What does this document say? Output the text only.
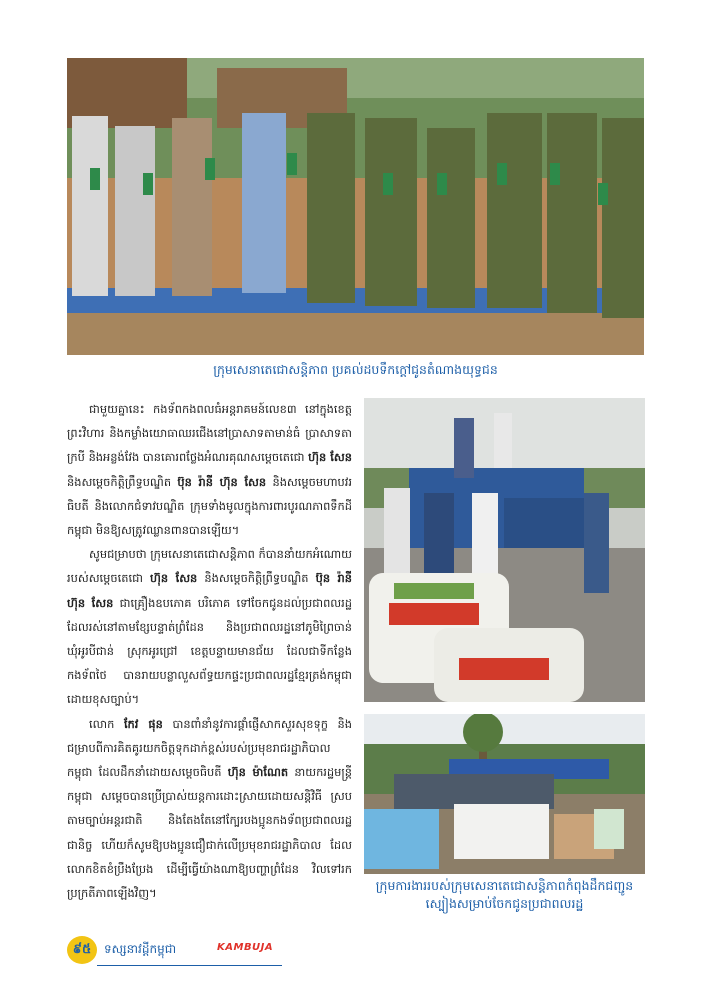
ក្រុមសេនាតេជោសន្តិភាព ប្រគល់ដបទឹកក្តៅជូនតំណាងយុទ្ធជន

ជាមួយគ្នានេះ កងទ័ពកងពលធំអន្តរាគមន៍លេខ៣ នៅក្នុងខេត្តព្រះវិហារ និងកម្លាំងយោធាឈរជើងនៅប្រាសាទតាមាន់ធំ ប្រាសាទតាក្របី និងអន្លង់វែង បានគោរពថ្លែងអំណរគុណសម្តេចតេជោ ហ៊ុន សែន និងសម្តេចកិត្តិព្រឹទ្ធបណ្ឌិត ប៊ុន រ៉ានី ហ៊ុន សែន និងសម្តេចមហាបវរធិបតី និងលោកជំទាវបណ្ឌិត ក្រុមទាំងមូលក្នុងការពារបូរណភាពទឹកដីកម្ពុជា មិនឱ្យសត្រូវឈ្លានពានបានឡើយ។

សូមជម្រាបថា ក្រុមសេនាតេជោសន្តិភាព ក៏បាននាំយកអំណោយរបស់សម្តេចតេជោ ហ៊ុន សែន និងសម្តេចកិត្តិព្រឹទ្ធបណ្ឌិត ប៊ុន រ៉ានី ហ៊ុន សែន ជាគ្រឿងឧបភោគ បរិភោគ ទៅចែកជូនដល់ប្រជាពលរដ្ឋ ដែលរស់នៅតាមខ្សែបន្ទាត់ព្រំដែន និងប្រជាពលរដ្ឋនៅភូមិព្រៃចាន់ ឃុំអូរបីជាន់ ស្រុកអូរជ្រៅ ខេត្តបន្ទាយមានជ័យ ដែលជាទីកន្លែងកងទ័ពថៃ បានរាយបន្លាលួសព័ទ្ធយកផ្ទះប្រជាពលរដ្ឋខ្មែរត្រង់កម្ពុជា ដោយខុសច្បាប់។

លោក កែវ ផុន បានពាំនាំនូវការផ្តាំផ្ញើសាកសួរសុខទុក្ខ និងជម្រាបពីការគិតគូរយកចិត្តទុកដាក់ខ្ពស់របស់ប្រមុខរាជរដ្ឋាភិបាលកម្ពុជា ដែលដឹកនាំដោយសម្តេចធិបតី ហ៊ុន ម៉ាណែត នាយករដ្ឋមន្ត្រីកម្ពុជា សម្តេចបានប្រើប្រាស់យន្តការដោះស្រាយដោយសន្តិវិធី ស្របតាមច្បាប់អន្តរជាតិ និងតែងតែនៅក្បែរបងប្អូនកងទ័ពប្រជាពលរដ្ឋជានិច្ច ហើយក៏សូមឱ្យបងប្អូនជឿជាក់លើប្រមុខរាជរដ្ឋាភិបាល ដែលលោកខិតខំប្រឹងប្រែង ដើម្បីធ្វើយ៉ាងណាឱ្យបញ្ហាព្រំដែន វិលទៅរកប្រក្រតីភាពឡើងវិញ។

ក្រុមការងាររបស់ក្រុមសេនាតេជោសន្តិភាពកំពុងដឹកជញ្ជូនស្បៀងសម្រាប់ចែកជូនប្រជាពលរដ្ឋ
៩៥	ទស្សនាវដ្តីកម្ពុជា	KAMBUJA
